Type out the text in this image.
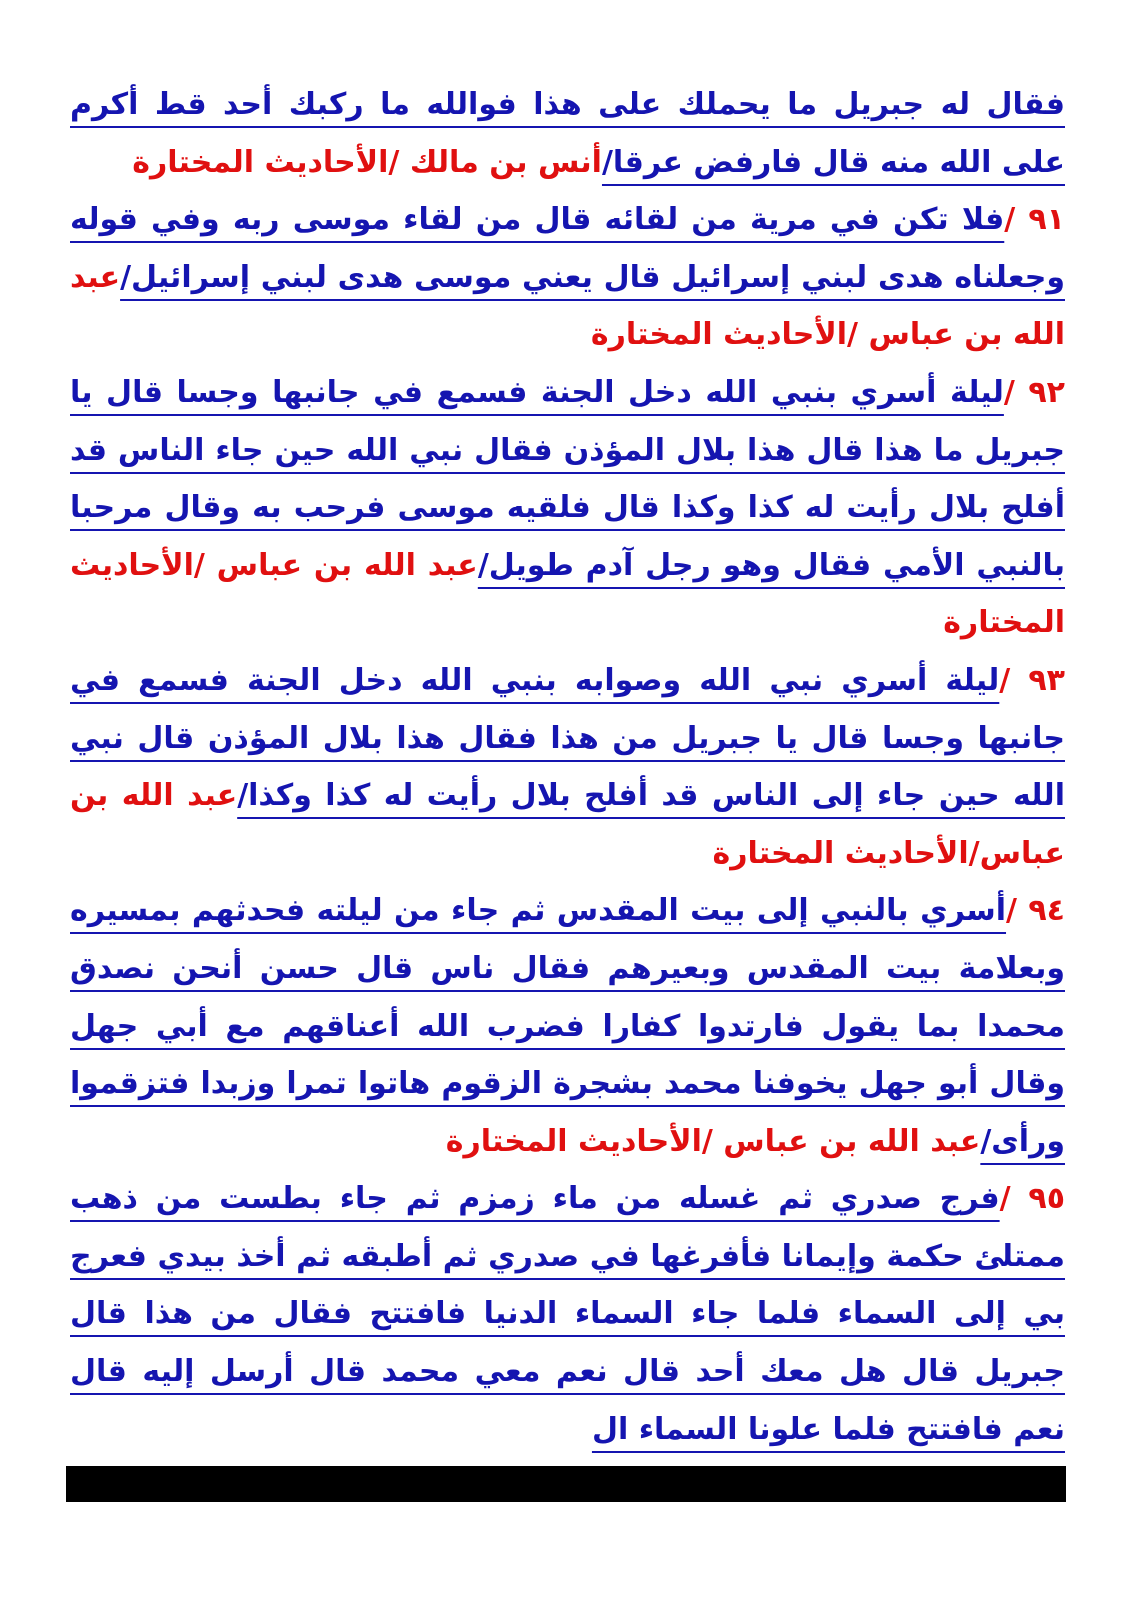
فقال له جبريل ما يحملك على هذا فوالله ما ركبك أحد قط أكرم على الله منه قال فارفض عرقا/أنس بن مالك /الأحاديث المختارة

٩١ /فلا تكن في مرية من لقائه قال من لقاء موسى ربه وفي قوله وجعلناه هدى لبني إسرائيل قال يعني موسى هدى لبني إسرائيل/عبد الله بن عباس /الأحاديث المختارة

٩٢ /ليلة أسري بنبي الله دخل الجنة فسمع في جانبها وجسا قال يا جبريل ما هذا قال هذا بلال المؤذن فقال نبي الله حين جاء الناس قد أفلح بلال رأيت له كذا وكذا قال فلقيه موسى فرحب به وقال مرحبا بالنبي الأمي فقال وهو رجل آدم طويل/عبد الله بن عباس /الأحاديث المختارة

٩٣ /ليلة أسري نبي الله وصوابه بنبي الله دخل الجنة فسمع في جانبها وجسا قال يا جبريل من هذا فقال هذا بلال المؤذن قال نبي الله حين جاء إلى الناس قد أفلح بلال رأيت له كذا وكذا/عبد الله بن عباس/الأحاديث المختارة

٩٤ /أسري بالنبي إلى بيت المقدس ثم جاء من ليلته فحدثهم بمسيره وبعلامة بيت المقدس وبعيرهم فقال ناس قال حسن أنحن نصدق محمدا بما يقول فارتدوا كفارا فضرب الله أعناقهم مع أبي جهل وقال أبو جهل يخوفنا محمد بشجرة الزقوم هاتوا تمرا وزبدا فتزقموا ورأى/عبد الله بن عباس /الأحاديث المختارة

٩٥ /فرج صدري ثم غسله من ماء زمزم ثم جاء بطست من ذهب ممتلئ حكمة وإيمانا فأفرغها في صدري ثم أطبقه ثم أخذ بيدي فعرج بي إلى السماء فلما جاء السماء الدنيا فافتتح فقال من هذا قال جبريل قال هل معك أحد قال نعم معي محمد قال أرسل إليه قال نعم فافتتح فلما علونا السماء ال
